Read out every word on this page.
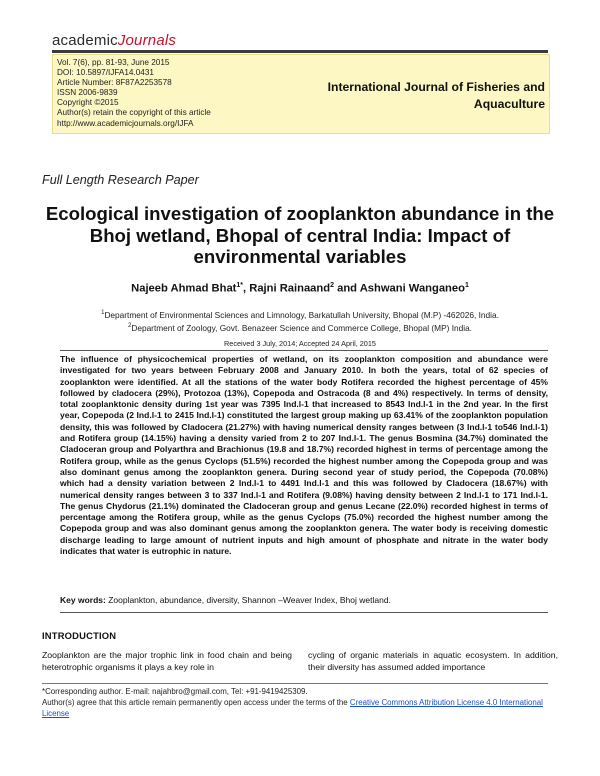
academicJournals
Vol. 7(6), pp. 81-93, June 2015
DOI: 10.5897/IJFA14.0431
Article Number: 8F87A2253578
ISSN 2006-9839
Copyright ©2015
Author(s) retain the copyright of this article
http://www.academicjournals.org/IJFA
International Journal of Fisheries and
Aquaculture
Full Length Research Paper
Ecological investigation of zooplankton abundance in the Bhoj wetland, Bhopal of central India: Impact of environmental variables
Najeeb Ahmad Bhat$^{1*}$, Rajni Rainaand$^2$ and Ashwani Wanganeo$^1$
$^1$Department of Environmental Sciences and Limnology, Barkatullah University, Bhopal (M.P) -462026, India.
$^2$Department of Zoology, Govt. Benazeer Science and Commerce College, Bhopal (MP) India.
Received 3 July, 2014; Accepted 24 April, 2015
The influence of physicochemical properties of wetland, on its zooplankton composition and abundance were investigated for two years between February 2008 and January 2010. In both the years, total of 62 species of zooplankton were identified. At all the stations of the water body Rotifera recorded the highest percentage of 45% followed by cladocera (29%), Protozoa (13%), Copepoda and Ostracoda (8 and 4%) respectively. In terms of density, total zooplanktonic density during 1st year was 7395 Ind.l-1 that increased to 8543 Ind.l-1 in the 2nd year. In the first year, Copepoda (2 Ind.l-1 to 2415 Ind.l-1) constituted the largest group making up 63.41% of the zooplankton population density, this was followed by Cladocera (21.27%) with having numerical density ranges between (3 Ind.l-1 to546 Ind.l-1) and Rotifera group (14.15%) having a density varied from 2 to 207 Ind.l-1. The genus Bosmina (34.7%) dominated the Cladoceran group and Polyarthra and Brachionus (19.8 and 18.7%) recorded highest in terms of percentage among the Rotifera group, while as the genus Cyclops (51.5%) recorded the highest number among the Copepoda group and was also dominant genus among the zooplankton genera. During second year of study period, the Copepoda (70.08%) which had a density variation between 2 Ind.l-1 to 4491 Ind.l-1 and this was followed by Cladocera (18.67%) with numerical density ranges between 3 to 337 Ind.l-1 and Rotifera (9.08%) having density between 2 Ind.l-1 to 171 Ind.l-1. The genus Chydorus (21.1%) dominated the Cladoceran group and genus Lecane (22.0%) recorded highest in terms of percentage among the Rotifera group, while as the genus Cyclops (75.0%) recorded the highest number among the Copepoda group and was also dominant genus among the zooplankton genera. The water body is receiving domestic discharge leading to large amount of nutrient inputs and high amount of phosphate and nitrate in the water body indicates that water is eutrophic in nature.
Key words: Zooplankton, abundance, diversity, Shannon –Weaver Index, Bhoj wetland.
INTRODUCTION
Zooplankton are the major trophic link in food chain and being heterotrophic organisms it plays a key role in
cycling of organic materials in aquatic ecosystem. In addition, their diversity has assumed added importance
*Corresponding author. E-mail: najahbro@gmail.com, Tel: +91-9419425309.
Author(s) agree that this article remain permanently open access under the terms of the Creative Commons Attribution License 4.0 International License
